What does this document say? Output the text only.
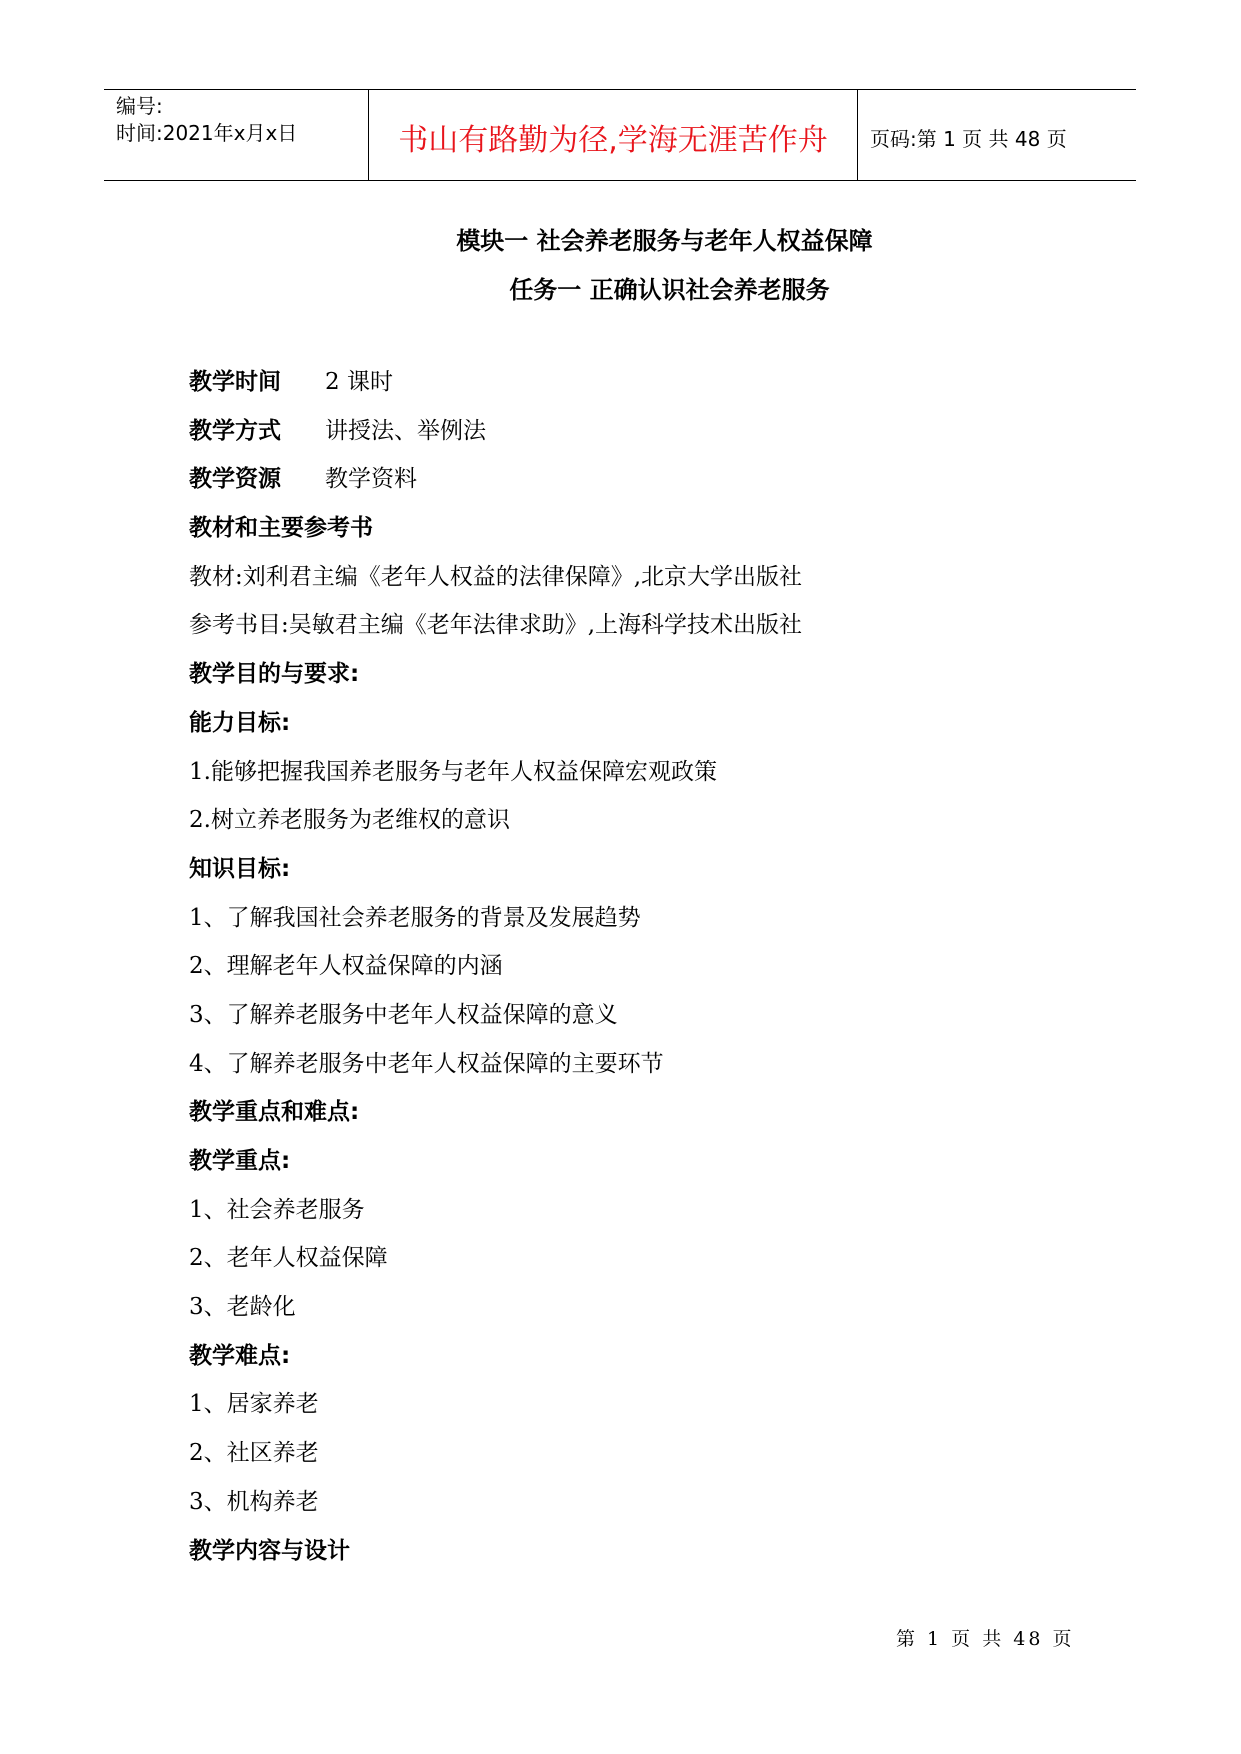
编号:
时间:2021年x月x日	书山有路勤为径,学海无涯苦作舟	页码:第 1 页 共 48 页
模块一 社会养老服务与老年人权益保障
任务一 正确认识社会养老服务
教学时间 2 课时
教学方式 讲授法、举例法
教学资源 教学资料
教材和主要参考书
教材:刘利君主编《老年人权益的法律保障》,北京大学出版社
参考书目:吴敏君主编《老年法律求助》,上海科学技术出版社
教学目的与要求:
能力目标:
1.能够把握我国养老服务与老年人权益保障宏观政策
2.树立养老服务为老维权的意识
知识目标:
1、了解我国社会养老服务的背景及发展趋势
2、理解老年人权益保障的内涵
3、了解养老服务中老年人权益保障的意义
4、了解养老服务中老年人权益保障的主要环节
教学重点和难点:
教学重点:
1、社会养老服务
2、老年人权益保障
3、老龄化
教学难点:
1、居家养老
2、社区养老
3、机构养老
教学内容与设计
第 1 页 共 48 页
